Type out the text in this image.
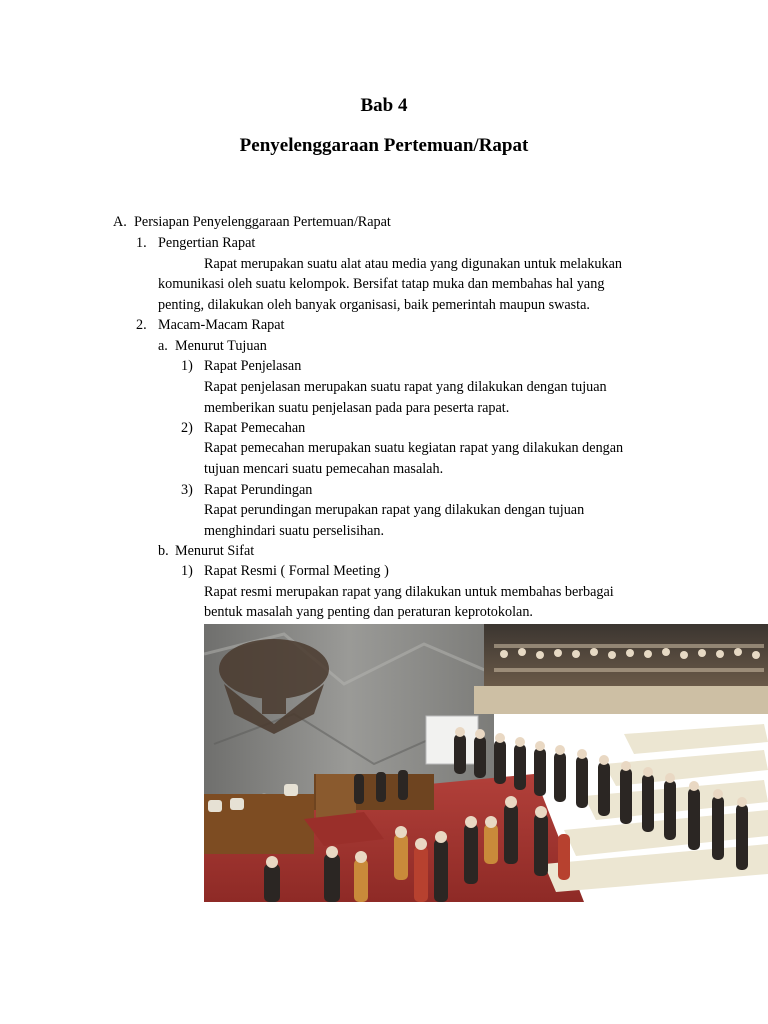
Bab 4
Penyelenggaraan Pertemuan/Rapat
A. Persiapan Penyelenggaraan Pertemuan/Rapat
1. Pengertian Rapat
Rapat merupakan suatu alat atau media yang digunakan untuk melakukan
komunikasi oleh suatu kelompok. Bersifat tatap muka dan membahas hal yang
penting, dilakukan oleh banyak organisasi, baik pemerintah maupun swasta.
2. Macam-Macam Rapat
a. Menurut Tujuan
1) Rapat Penjelasan
Rapat penjelasan merupakan suatu rapat yang dilakukan dengan tujuan
memberikan suatu penjelasan pada para peserta rapat.
2) Rapat Pemecahan
Rapat pemecahan merupakan suatu kegiatan rapat yang dilakukan dengan
tujuan mencari suatu pemecahan masalah.
3) Rapat Perundingan
Rapat perundingan merupakan rapat yang dilakukan dengan tujuan
menghindari suatu perselisihan.
b. Menurut Sifat
1) Rapat Resmi ( Formal Meeting )
Rapat resmi merupakan rapat yang dilakukan untuk membahas berbagai
bentuk masalah yang penting dan peraturan keprotokolan.
